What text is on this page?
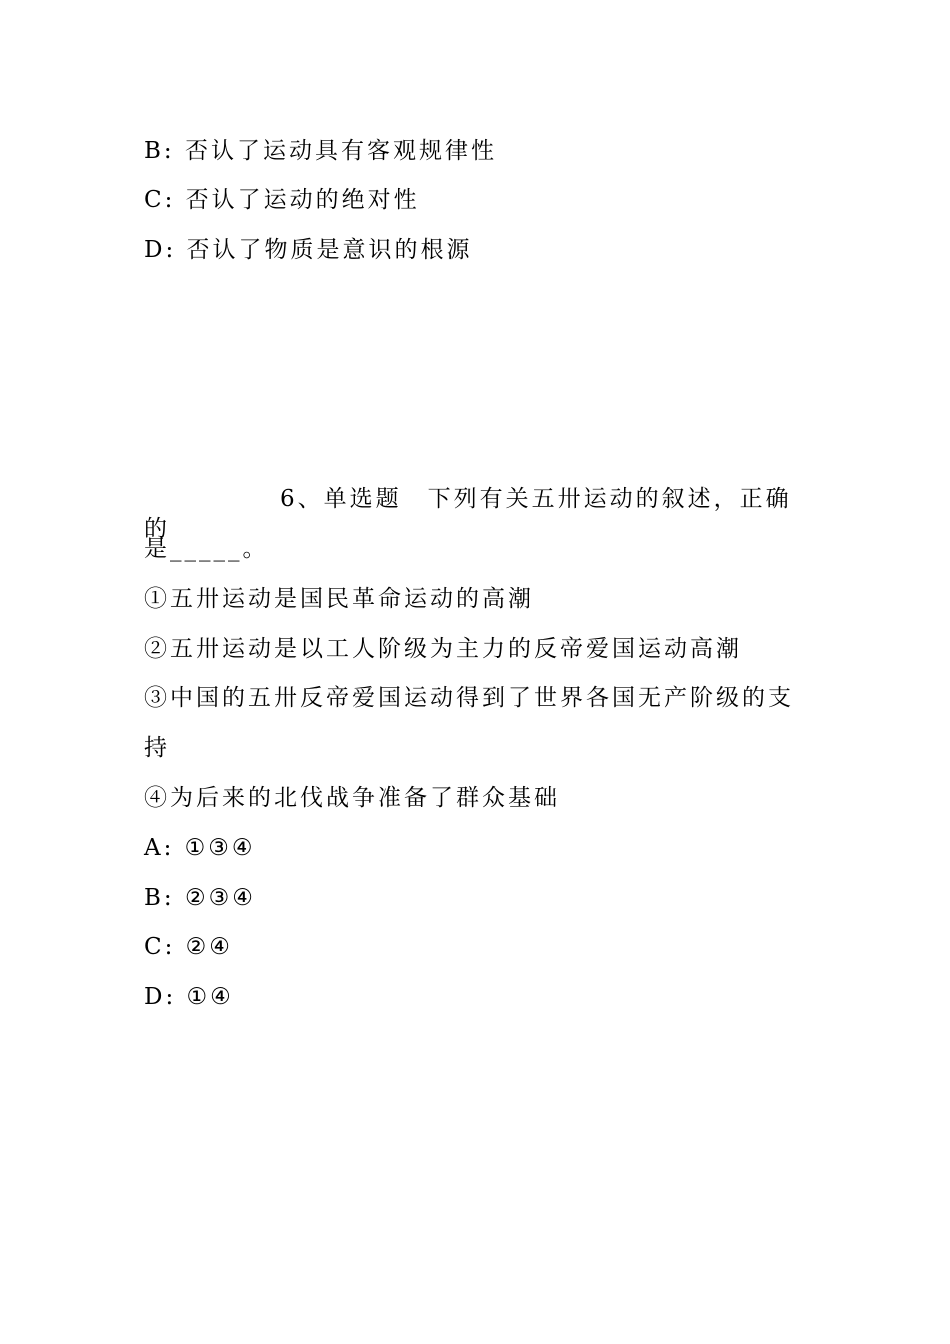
B: 否认了运动具有客观规律性
C: 否认了运动的绝对性
D: 否认了物质是意识的根源
6、单选题　下列有关五卅运动的叙述，正确的
是_____。
①五卅运动是国民革命运动的高潮
②五卅运动是以工人阶级为主力的反帝爱国运动高潮
③中国的五卅反帝爱国运动得到了世界各国无产阶级的支
持
④为后来的北伐战争准备了群众基础
A: ①③④
B: ②③④
C: ②④
D: ①④
